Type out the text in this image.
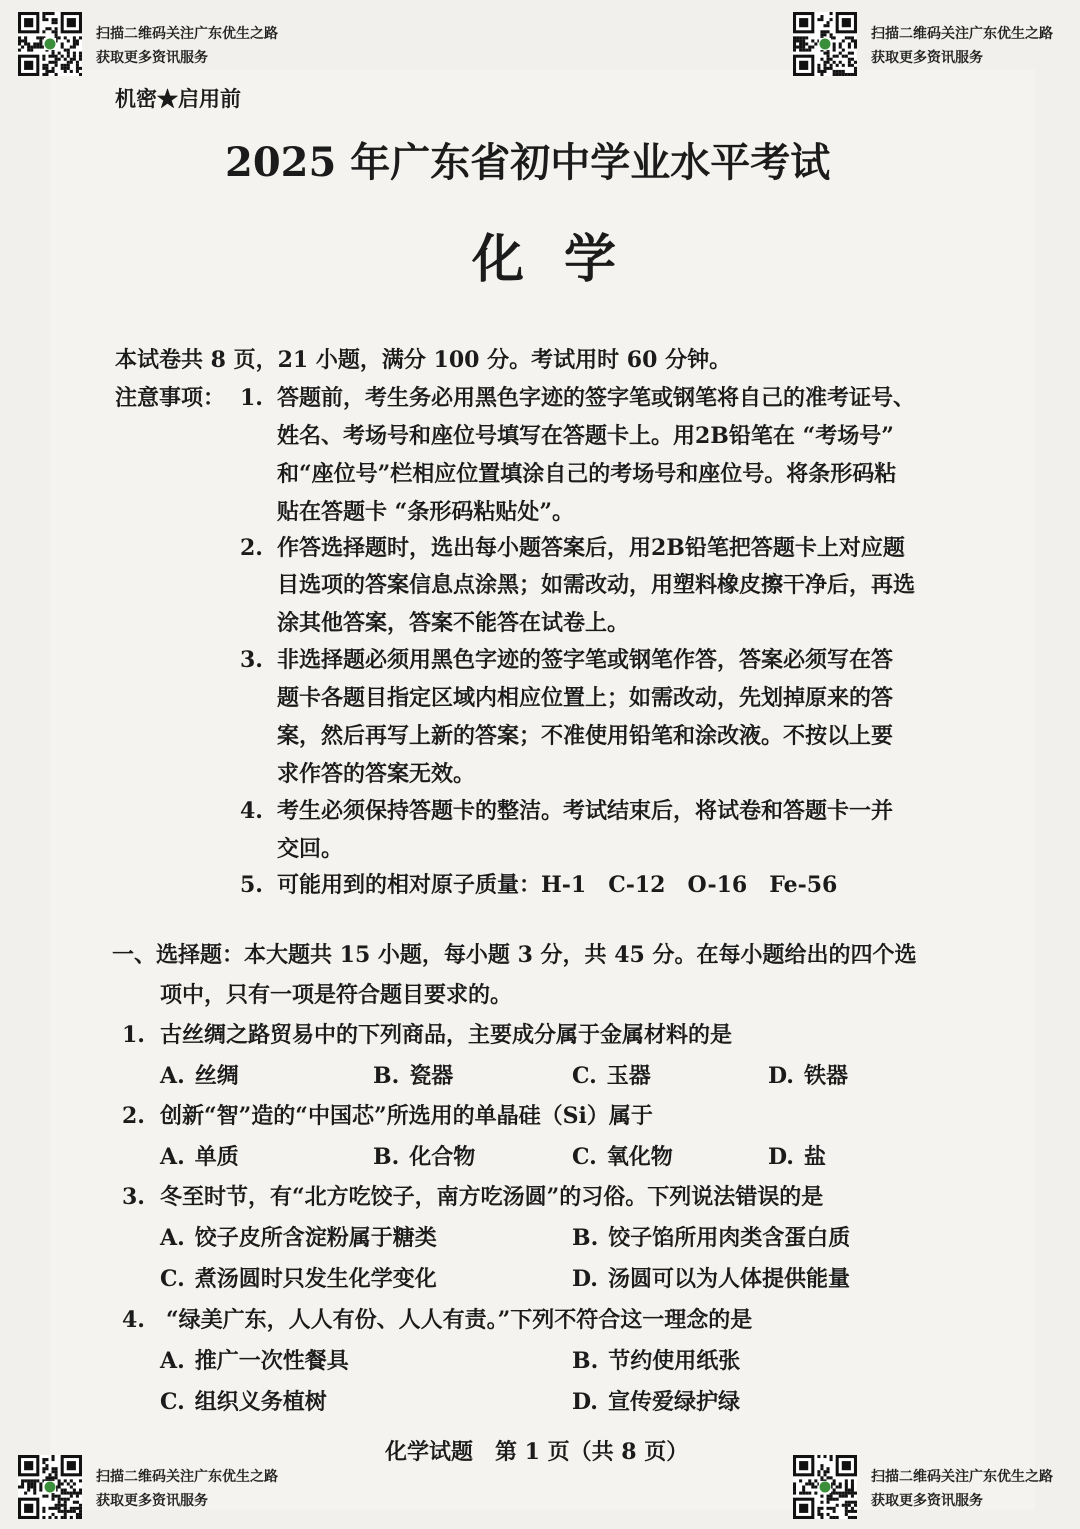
扫描二维码关注广东优生之路
获取更多资讯服务
扫描二维码关注广东优生之路
获取更多资讯服务
扫描二维码关注广东优生之路
获取更多资讯服务
扫描二维码关注广东优生之路
获取更多资讯服务
机密★启用前
2025 年广东省初中学业水平考试
化学
本试卷共 8 页，21 小题，满分 100 分。考试用时 60 分钟。
注意事项： 1. 答题前，考生务必用黑色字迹的签字笔或钢笔将自己的准考证号、
姓名、考场号和座位号填写在答题卡上。用2B铅笔在 “考场号”
和“座位号”栏相应位置填涂自己的考场号和座位号。将条形码粘
贴在答题卡 “条形码粘贴处”。
2. 作答选择题时，选出每小题答案后，用2B铅笔把答题卡上对应题
目选项的答案信息点涂黑；如需改动，用塑料橡皮擦干净后，再选
涂其他答案，答案不能答在试卷上。
3. 非选择题必须用黑色字迹的签字笔或钢笔作答，答案必须写在答
题卡各题目指定区域内相应位置上；如需改动，先划掉原来的答
案，然后再写上新的答案；不准使用铅笔和涂改液。不按以上要
求作答的答案无效。
4. 考生必须保持答题卡的整洁。考试结束后，将试卷和答题卡一并
交回。
5. 可能用到的相对原子质量：H-1　C-12　O-16　Fe-56
一、选择题：本大题共 15 小题，每小题 3 分，共 45 分。在每小题给出的四个选
项中，只有一项是符合题目要求的。
1. 古丝绸之路贸易中的下列商品，主要成分属于金属材料的是
A. 丝绸	B. 瓷器	C. 玉器	D. 铁器
2. 创新“智”造的“中国芯”所选用的单晶硅（Si）属于
A. 单质	B. 化合物	C. 氧化物	D. 盐
3. 冬至时节，有“北方吃饺子，南方吃汤圆”的习俗。下列说法错误的是
A. 饺子皮所含淀粉属于糖类	B. 饺子馅所用肉类含蛋白质
C. 煮汤圆时只发生化学变化	D. 汤圆可以为人体提供能量
4. “绿美广东，人人有份、人人有责。”下列不符合这一理念的是
A. 推广一次性餐具	B. 节约使用纸张
C. 组织义务植树	D. 宣传爱绿护绿
化学试题　第 1 页（共 8 页）
